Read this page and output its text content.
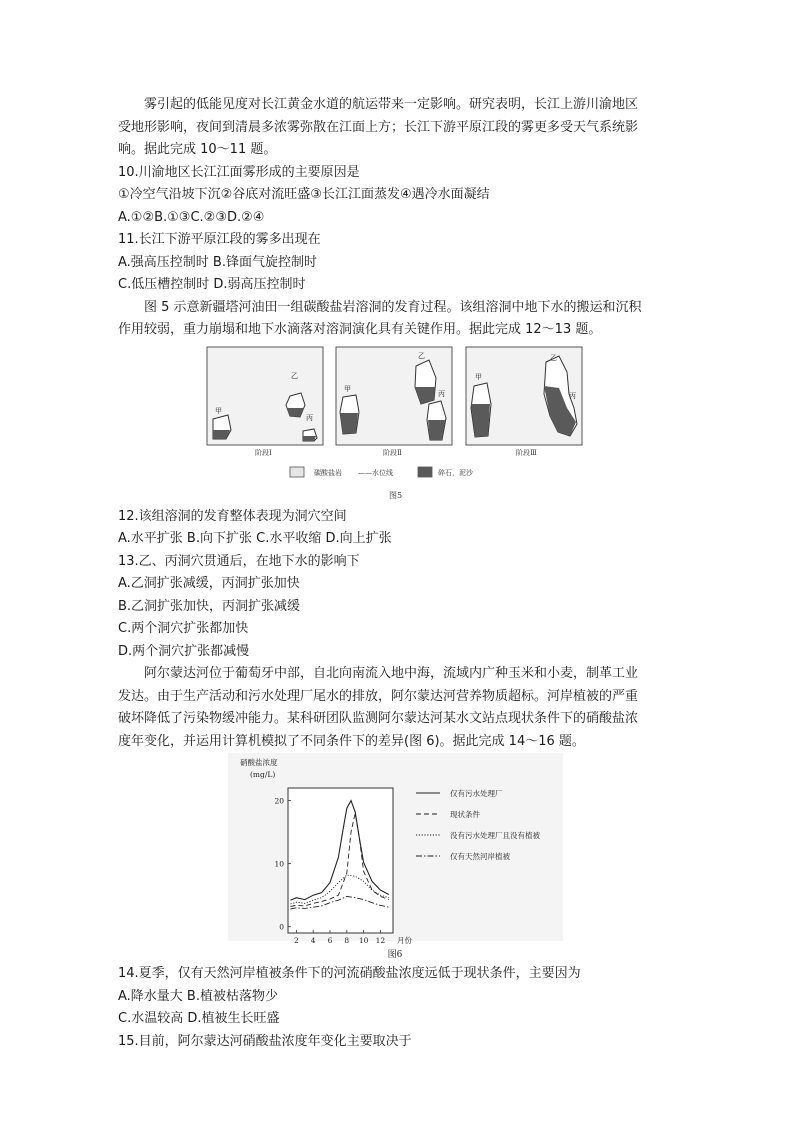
雾引起的低能见度对长江黄金水道的航运带来一定影响。研究表明，长江上游川渝地区

受地形影响，夜间到清晨多浓雾弥散在江面上方；长江下游平原江段的雾更多受天气系统影

响。据此完成 10～11 题。

10.川渝地区长江江面雾形成的主要原因是

①冷空气沿坡下沉②谷底对流旺盛③长江江面蒸发④遇冷水面凝结

A.①②B.①③C.②③D.②④

11.长江下游平原江段的雾多出现在

A.强高压控制时 B.锋面气旋控制时

C.低压槽控制时 D.弱高压控制时

图 5 示意新疆塔河油田一组碳酸盐岩溶洞的发育过程。该组溶洞中地下水的搬运和沉积

作用较弱，重力崩塌和地下水滴落对溶洞演化具有关键作用。据此完成 12～13 题。

甲
乙
丙
阶段Ⅰ
甲
乙
丙
阶段Ⅱ
甲
乙
丙
阶段Ⅲ
碳酸盐岩 ——水位线	碎石，泥沙
图5

12.该组溶洞的发育整体表现为洞穴空间

A.水平扩张 B.向下扩张 C.水平收缩 D.向上扩张

13.乙、丙洞穴贯通后，在地下水的影响下

A.乙洞扩张减缓，丙洞扩张加快

B.乙洞扩张加快，丙洞扩张减缓

C.两个洞穴扩张都加快

D.两个洞穴扩张都减慢

阿尔蒙达河位于葡萄牙中部，自北向南流入地中海，流域内广种玉米和小麦，制革工业

发达。由于生产活动和污水处理厂尾水的排放，阿尔蒙达河营养物质超标。河岸植被的严重

破坏降低了污染物缓冲能力。某科研团队监测阿尔蒙达河某水文站点现状条件下的硝酸盐浓

度年变化，并运用计算机模拟了不同条件下的差异(图 6)。据此完成 14～16 题。

硝酸盐浓度
(mg/L)
0
10
20
2 4 6 8 10 12 月份
仅有污水处理厂
现状条件
没有污水处理厂且没有植被
仅有天然河岸植被
图6

14.夏季，仅有天然河岸植被条件下的河流硝酸盐浓度远低于现状条件，主要因为

A.降水量大 B.植被枯落物少

C.水温较高 D.植被生长旺盛

15.目前，阿尔蒙达河硝酸盐浓度年变化主要取决于
